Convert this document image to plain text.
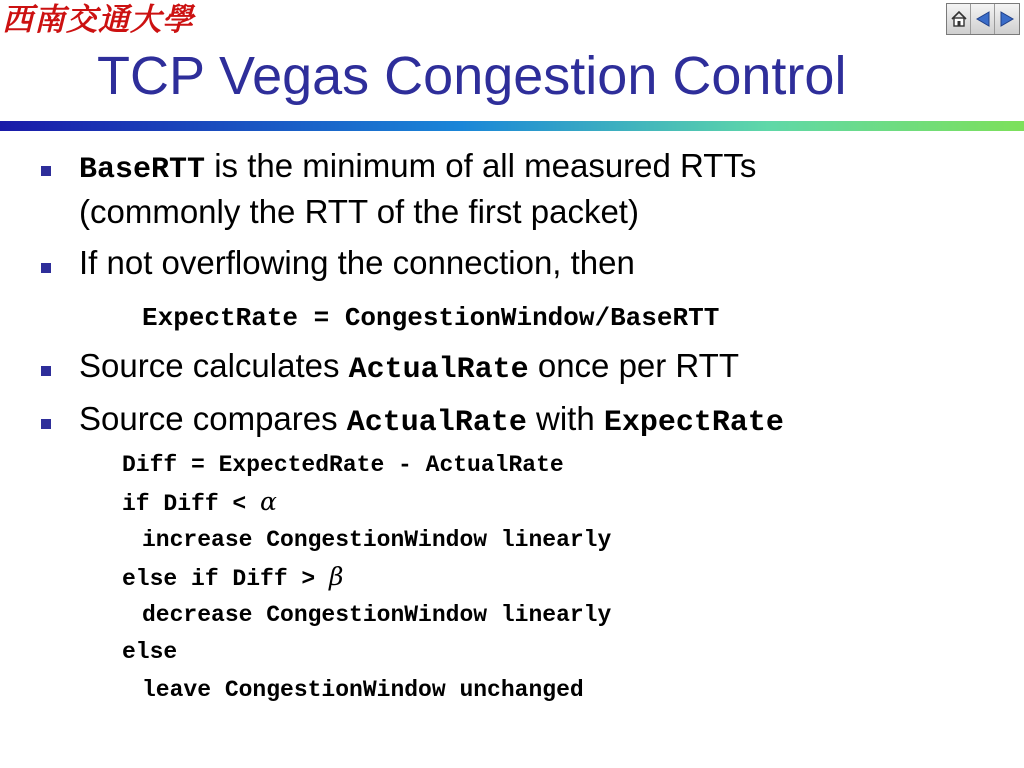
西南交通大學
TCP Vegas Congestion Control
BaseRTT is the minimum of all measured RTTs
(commonly the RTT of the first packet)
If not overflowing the connection, then
ExpectRate = CongestionWindow/BaseRTT
Source calculates ActualRate once per RTT
Source compares ActualRate with ExpectRate
Diff = ExpectedRate - ActualRate
if Diff < α
increase CongestionWindow linearly
else if Diff > β
decrease CongestionWindow linearly
else
leave CongestionWindow unchanged
